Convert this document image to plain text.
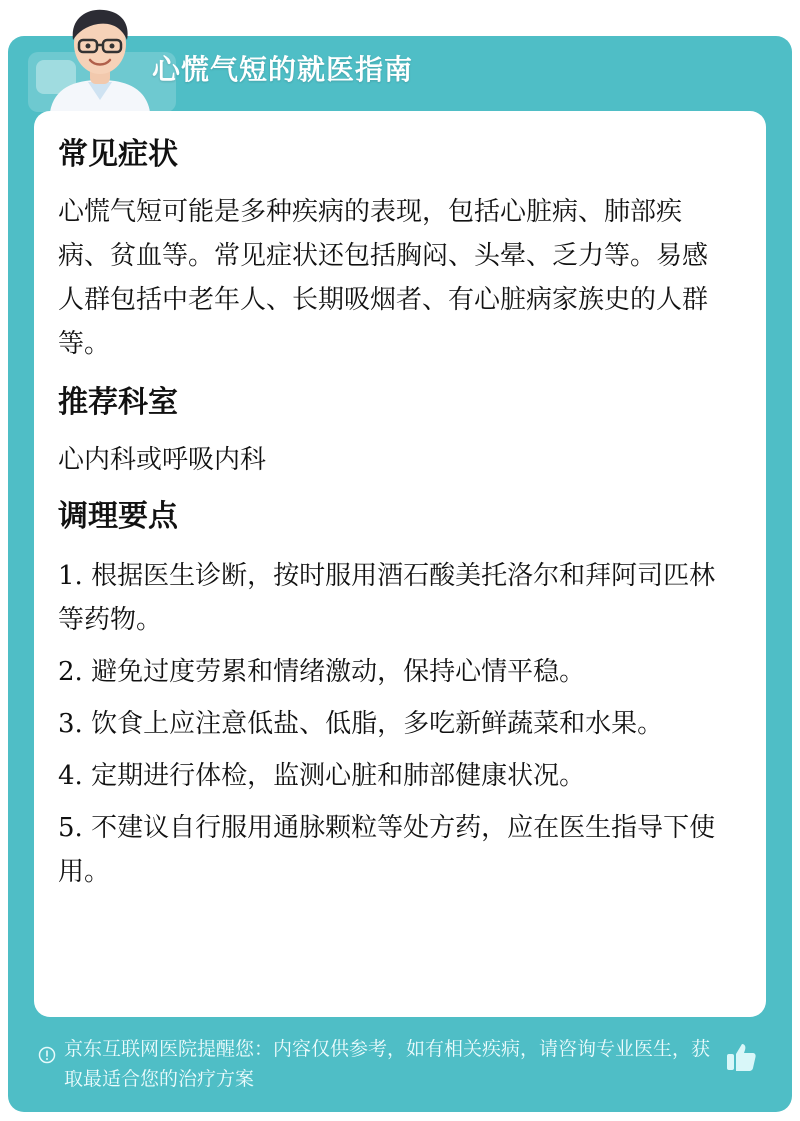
心慌气短的就医指南
常见症状

心慌气短可能是多种疾病的表现，包括心脏病、肺部疾病、贫血等。常见症状还包括胸闷、头晕、乏力等。易感人群包括中老年人、长期吸烟者、有心脏病家族史的人群等。

推荐科室

心内科或呼吸内科

调理要点
1. 根据医生诊断，按时服用酒石酸美托洛尔和拜阿司匹林等药物。
2. 避免过度劳累和情绪激动，保持心情平稳。
3. 饮食上应注意低盐、低脂，多吃新鲜蔬菜和水果。
4. 定期进行体检，监测心脏和肺部健康状况。
5. 不建议自行服用通脉颗粒等处方药，应在医生指导下使用。
京东互联网医院提醒您：内容仅供参考，如有相关疾病，请咨询专业医生，获取最适合您的治疗方案
